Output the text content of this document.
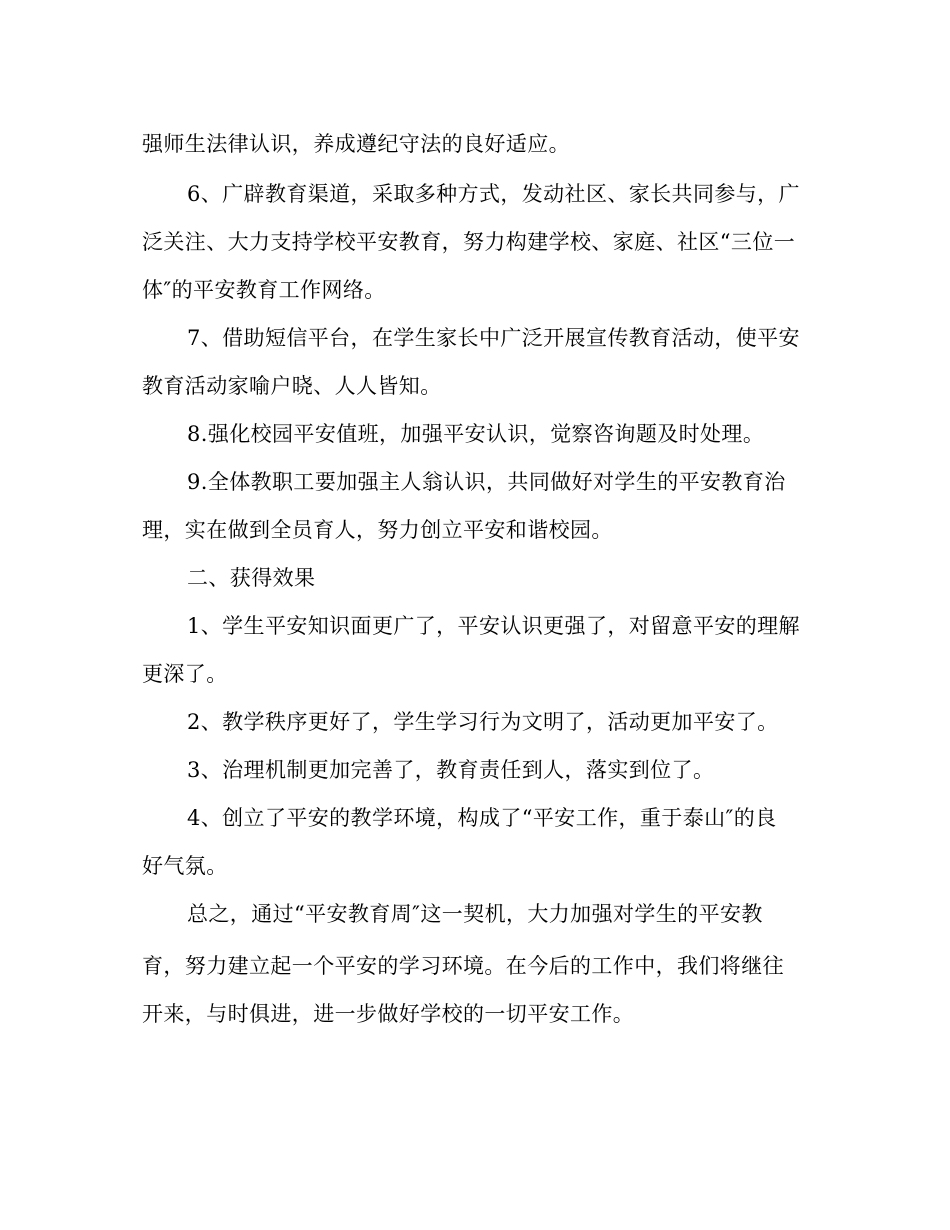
强师生法律认识，养成遵纪守法的良好适应。

6、广辟教育渠道，采取多种方式，发动社区、家长共同参与，广

泛关注、大力支持学校平安教育，努力构建学校、家庭、社区“三位一

体″的平安教育工作网络。

7、借助短信平台，在学生家长中广泛开展宣传教育活动，使平安

教育活动家喻户晓、人人皆知。

8.强化校园平安值班，加强平安认识，觉察咨询题及时处理。

9.全体教职工要加强主人翁认识，共同做好对学生的平安教育治

理，实在做到全员育人，努力创立平安和谐校园。

二、获得效果

1、学生平安知识面更广了，平安认识更强了，对留意平安的理解

更深了。

2、教学秩序更好了，学生学习行为文明了，活动更加平安了。

3、治理机制更加完善了，教育责任到人，落实到位了。

4、创立了平安的教学环境，构成了“平安工作，重于泰山″的良

好气氛。

总之，通过“平安教育周″这一契机，大力加强对学生的平安教

育，努力建立起一个平安的学习环境。在今后的工作中，我们将继往

开来，与时俱进，进一步做好学校的一切平安工作。
